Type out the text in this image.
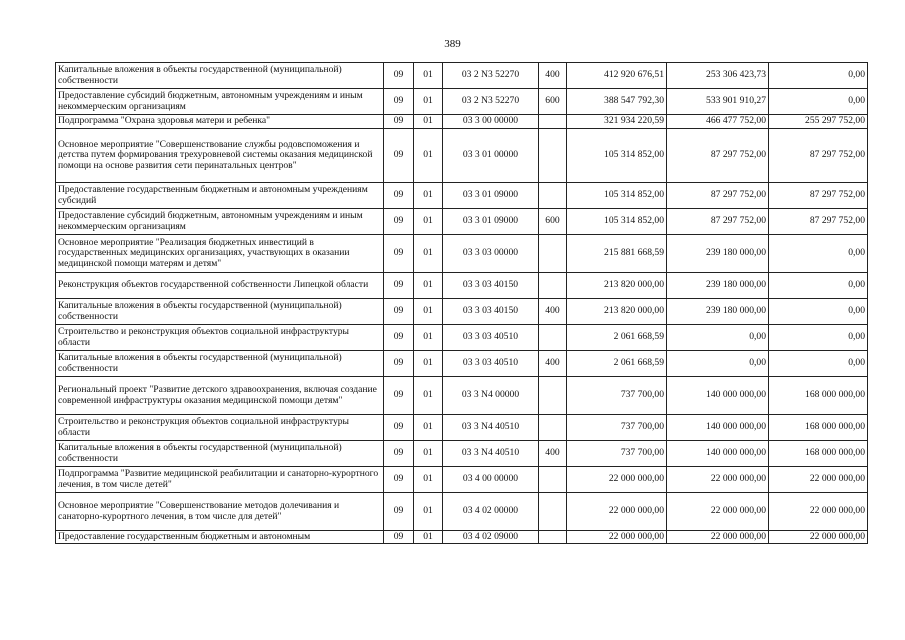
389
Капитальные вложения в объекты государственной (муниципальной) собственности	09	01	03 2 N3 52270	400	412 920 676,51	253 306 423,73	0,00
Предоставление субсидий бюджетным, автономным учреждениям и иным некоммерческим организациям	09	01	03 2 N3 52270	600	388 547 792,30	533 901 910,27	0,00
Подпрограмма "Охрана здоровья матери и ребенка"	09	01	03 3 00 00000		321 934 220,59	466 477 752,00	255 297 752,00
Основное мероприятие "Совершенствование службы родовспоможения и детства путем формирования трехуровневой системы оказания медицинской помощи на основе развития сети перинатальных центров"	09	01	03 3 01 00000		105 314 852,00	87 297 752,00	87 297 752,00
Предоставление государственным бюджетным и автономным учреждениям субсидий	09	01	03 3 01 09000		105 314 852,00	87 297 752,00	87 297 752,00
Предоставление субсидий бюджетным, автономным учреждениям и иным некоммерческим организациям	09	01	03 3 01 09000	600	105 314 852,00	87 297 752,00	87 297 752,00
Основное мероприятие "Реализация бюджетных инвестиций в государственных медицинских организациях, участвующих в оказании медицинской помощи матерям и детям"	09	01	03 3 03 00000		215 881 668,59	239 180 000,00	0,00
Реконструкция объектов государственной собственности Липецкой области	09	01	03 3 03 40150		213 820 000,00	239 180 000,00	0,00
Капитальные вложения в объекты государственной (муниципальной) собственности	09	01	03 3 03 40150	400	213 820 000,00	239 180 000,00	0,00
Строительство и реконструкция объектов социальной инфраструктуры области	09	01	03 3 03 40510		2 061 668,59	0,00	0,00
Капитальные вложения в объекты государственной (муниципальной) собственности	09	01	03 3 03 40510	400	2 061 668,59	0,00	0,00
Региональный проект "Развитие детского здравоохранения, включая создание современной инфраструктуры оказания медицинской помощи детям"	09	01	03 3 N4 00000		737 700,00	140 000 000,00	168 000 000,00
Строительство и реконструкция объектов социальной инфраструктуры области	09	01	03 3 N4 40510		737 700,00	140 000 000,00	168 000 000,00
Капитальные вложения в объекты государственной (муниципальной) собственности	09	01	03 3 N4 40510	400	737 700,00	140 000 000,00	168 000 000,00
Подпрограмма "Развитие медицинской реабилитации и санаторно-курортного лечения, в том числе детей"	09	01	03 4 00 00000		22 000 000,00	22 000 000,00	22 000 000,00
Основное мероприятие "Совершенствование методов долечивания и санаторно-курортного лечения, в том числе для детей"	09	01	03 4 02 00000		22 000 000,00	22 000 000,00	22 000 000,00
Предоставление государственным бюджетным и автономным	09	01	03 4 02 09000		22 000 000,00	22 000 000,00	22 000 000,00
